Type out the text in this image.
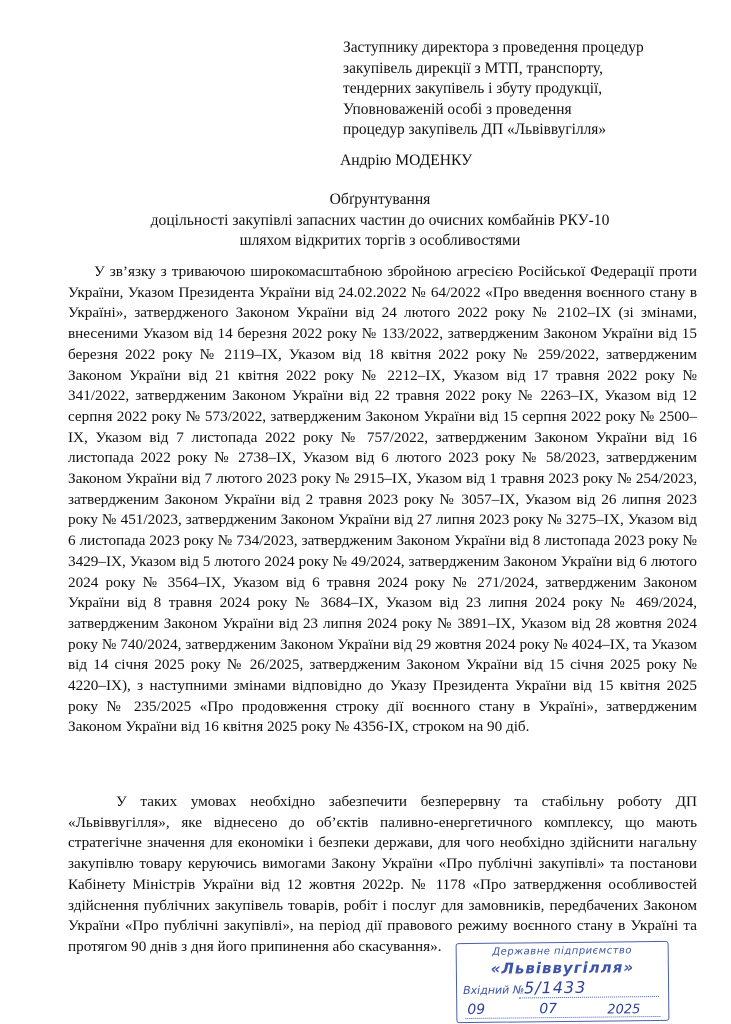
Заступнику директора з проведення процедур
закупівель дирекції з МТП, транспорту,
тендерних закупівель і збуту продукції,
Уповноваженій особі з проведення
процедур закупівель ДП «Львіввугілля»
Андрію МОДЕНКУ
Обґрунтування
доцільності закупівлі запасних частин до очисних комбайнів РКУ-10
шляхом відкритих торгів з особливостями

У зв’язку з триваючою широкомасштабною збройною агресією Російської Федерації проти України, Указом Президента України від 24.02.2022 № 64/2022 «Про введення воєнного стану в Україні», затвердженого Законом України від 24 лютого 2022 року № 2102–ІХ (зі змінами, внесеними Указом від 14 березня 2022 року № 133/2022, затвердженим Законом України від 15 березня 2022 року № 2119–ІХ, Указом від 18 квітня 2022 року № 259/2022, затвердженим Законом України від 21 квітня 2022 року № 2212–ІХ, Указом від 17 травня 2022 року № 341/2022, затвердженим Законом України від 22 травня 2022 року № 2263–ІХ, Указом від 12 серпня 2022 року № 573/2022, затвердженим Законом України від 15 серпня 2022 року № 2500–ІХ, Указом від 7 листопада 2022 року № 757/2022, затвердженим Законом України від 16 листопада 2022 року № 2738–ІХ, Указом від 6 лютого 2023 року № 58/2023, затвердженим Законом України від 7 лютого 2023 року № 2915–ІХ, Указом від 1 травня 2023 року № 254/2023, затвердженим Законом України від 2 травня 2023 року № 3057–ІХ, Указом від 26 липня 2023 року № 451/2023, затвердженим Законом України від 27 липня 2023 року № 3275–ІХ, Указом від 6 листопада 2023 року № 734/2023, затвердженим Законом України від 8 листопада 2023 року № 3429–ІХ, Указом від 5 лютого 2024 року № 49/2024, затвердженим Законом України від 6 лютого 2024 року № 3564–ІХ, Указом від 6 травня 2024 року № 271/2024, затвердженим Законом України від 8 травня 2024 року № 3684–ІХ, Указом від 23 липня 2024 року № 469/2024, затвердженим Законом України від 23 липня 2024 року № 3891–ІХ, Указом від 28 жовтня 2024 року № 740/2024, затвердженим Законом України від 29 жовтня 2024 року № 4024–ІХ, та Указом від 14 січня 2025 року № 26/2025, затвердженим Законом України від 15 січня 2025 року № 4220–ІХ), з наступними змінами відповідно до Указу Президента України від 15 квітня 2025 року № 235/2025 «Про продовження строку дії воєнного стану в Україні», затвердженим Законом України від 16 квітня 2025 року № 4356-IX, строком на 90 діб.

У таких умовах необхідно забезпечити безперервну та стабільну роботу ДП «Львіввугілля», яке віднесено до об’єктів паливно-енергетичного комплексу, що мають стратегічне значення для економіки і безпеки держави, для чого необхідно здійснити нагальну закупівлю товару керуючись вимогами Закону України «Про публічні закупівлі» та постанови Кабінету Міністрів України від 12 жовтня 2022р. № 1178 «Про затвердження особливостей здійснення публічних закупівель товарів, робіт і послуг для замовників, передбачених Законом України «Про публічні закупівлі», на період дії правового режиму воєнного стану в Україні та протягом 90 днів з дня його припинення або скасування».	Державне підприємство
«Львіввугілля»
Вхідний № 5/1433
09	07	2025
